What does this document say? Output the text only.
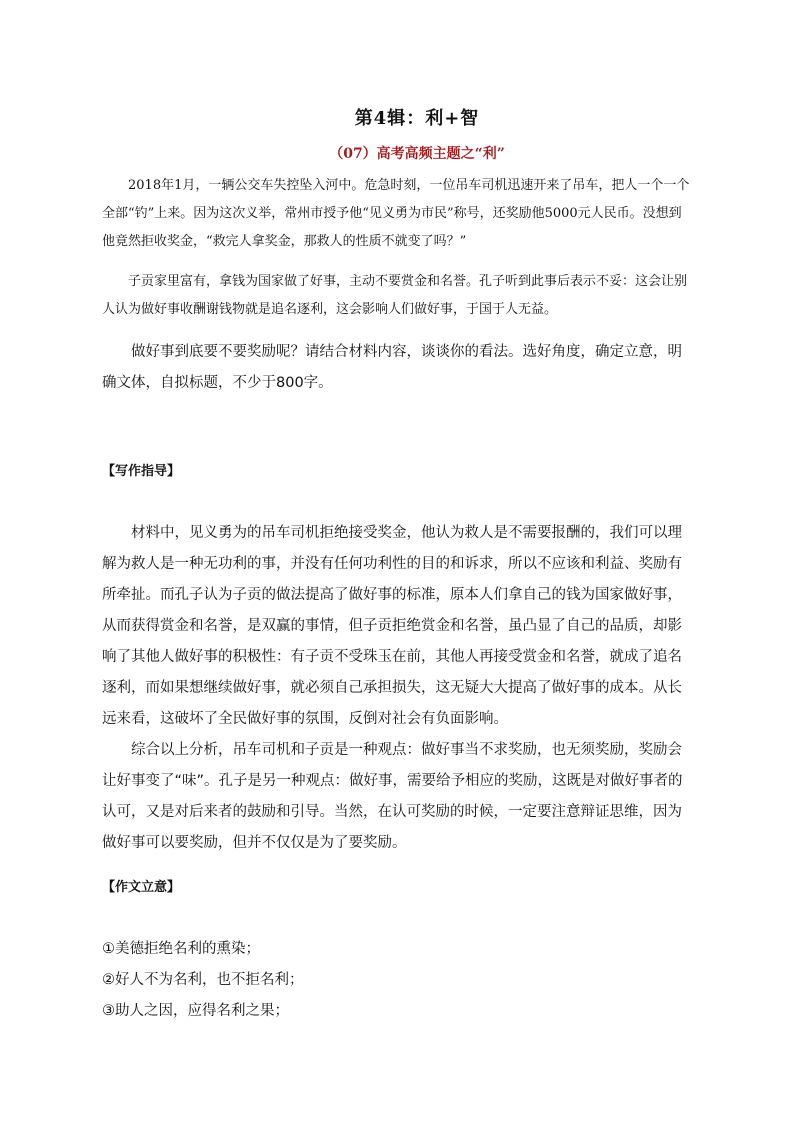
第4辑：利+智
（07）高考高频主题之“利”

2018年1月，一辆公交车失控坠入河中。危急时刻，一位吊车司机迅速开来了吊车，把人一个一个全部“钓”上来。因为这次义举，常州市授予他“见义勇为市民”称号，还奖励他5000元人民币。没想到他竟然拒收奖金，“救完人拿奖金，那救人的性质不就变了吗？”

子贡家里富有，拿钱为国家做了好事，主动不要赏金和名誉。孔子听到此事后表示不妥：这会让别人认为做好事收酬谢钱物就是追名逐利，这会影响人们做好事，于国于人无益。

做好事到底要不要奖励呢？请结合材料内容，谈谈你的看法。选好角度，确定立意，明确文体，自拟标题，不少于800字。

【写作指导】

材料中，见义勇为的吊车司机拒绝接受奖金，他认为救人是不需要报酬的，我们可以理解为救人是一种无功利的事，并没有任何功利性的目的和诉求，所以不应该和利益、奖励有所牵扯。而孔子认为子贡的做法提高了做好事的标准，原本人们拿自己的钱为国家做好事，从而获得赏金和名誉，是双赢的事情，但子贡拒绝赏金和名誉，虽凸显了自己的品质，却影响了其他人做好事的积极性：有子贡不受珠玉在前，其他人再接受赏金和名誉，就成了追名逐利，而如果想继续做好事，就必须自己承担损失，这无疑大大提高了做好事的成本。从长远来看，这破坏了全民做好事的氛围，反倒对社会有负面影响。

综合以上分析，吊车司机和子贡是一种观点：做好事当不求奖励，也无须奖励，奖励会让好事变了“味”。孔子是另一种观点：做好事，需要给予相应的奖励，这既是对做好事者的认可，又是对后来者的鼓励和引导。当然，在认可奖励的时候，一定要注意辩证思维，因为做好事可以要奖励，但并不仅仅是为了要奖励。

【作文立意】
①美德拒绝名利的熏染；
②好人不为名利，也不拒名利；
③助人之因，应得名利之果；
